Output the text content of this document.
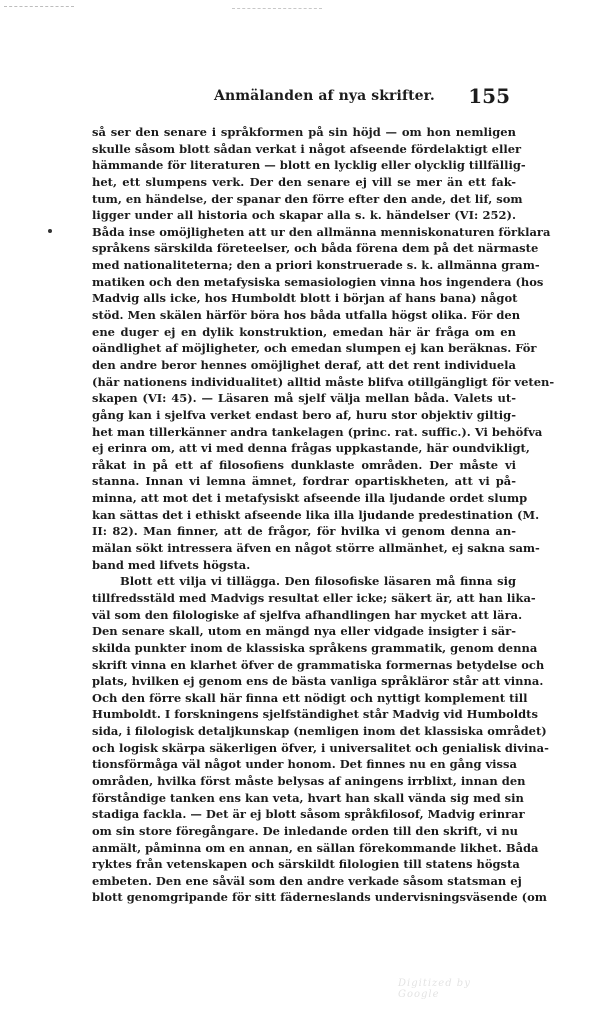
Anmälanden af nya skrifter. 155
så ser den senare i språkformen på sin höjd — om hon nemligen
skulle såsom blott sådan verkat i något afseende fördelaktigt eller
hämmande för literaturen — blott en lycklig eller olycklig tillfällig-
het, ett slumpens verk. Der den senare ej vill se mer än ett fak-
tum, en händelse, der spanar den förre efter den ande, det lif, som
ligger under all historia och skapar alla s. k. händelser (VI: 252).
Båda inse omöjligheten att ur den allmänna menniskonaturen förklara
språkens särskilda företeelser, och båda förena dem på det närmaste
med nationaliteterna; den a priori konstruerade s. k. allmänna gram-
matiken och den metafysiska semasiologien vinna hos ingendera (hos
Madvig alls icke, hos Humboldt blott i början af hans bana) något
stöd. Men skälen härför böra hos båda utfalla högst olika. För den
ene duger ej en dylik konstruktion, emedan här är fråga om en
oändlighet af möjligheter, och emedan slumpen ej kan beräknas. För
den andre beror hennes omöjlighet deraf, att det rent individuela
(här nationens individualitet) alltid måste blifva otillgängligt för veten-
skapen (VI: 45). — Läsaren må sjelf välja mellan båda. Valets ut-
gång kan i sjelfva verket endast bero af, huru stor objektiv giltig-
het man tillerkänner andra tankelagen (princ. rat. suffic.). Vi behöfva
ej erinra om, att vi med denna frågas uppkastande, här oundvikligt,
råkat in på ett af filosofiens dunklaste områden. Der måste vi
stanna. Innan vi lemna ämnet, fordrar opartiskheten, att vi på-
minna, att mot det i metafysiskt afseende illa ljudande ordet slump
kan sättas det i ethiskt afseende lika illa ljudande predestination (M.
II: 82). Man finner, att de frågor, för hvilka vi genom denna an-
mälan sökt intressera äfven en något större allmänhet, ej sakna sam-
band med lifvets högsta.
Blott ett vilja vi tillägga. Den filosofiske läsaren må finna sig
tillfredsstäld med Madvigs resultat eller icke; säkert är, att han lika-
väl som den filologiske af sjelfva afhandlingen har mycket att lära.
Den senare skall, utom en mängd nya eller vidgade insigter i sär-
skilda punkter inom de klassiska språkens grammatik, genom denna
skrift vinna en klarhet öfver de grammatiska formernas betydelse och
plats, hvilken ej genom ens de bästa vanliga språkläror står att vinna.
Och den förre skall här finna ett nödigt och nyttigt komplement till
Humboldt. I forskningens sjelfständighet står Madvig vid Humboldts
sida, i filologisk detaljkunskap (nemligen inom det klassiska området)
och logisk skärpa säkerligen öfver, i universalitet och genialisk divina-
tionsförmåga väl något under honom. Det finnes nu en gång vissa
områden, hvilka först måste belysas af aningens irrblixt, innan den
förståndige tanken ens kan veta, hvart han skall vända sig med sin
stadiga fackla. — Det är ej blott såsom språkfilosof, Madvig erinrar
om sin store föregångare. De inledande orden till den skrift, vi nu
anmält, påminna om en annan, en sällan förekommande likhet. Båda
ryktes från vetenskapen och särskildt filologien till statens högsta
embeten. Den ene såväl som den andre verkade såsom statsman ej
blott genomgripande för sitt fäderneslands undervisningsväsende (om
Digitized by Google
